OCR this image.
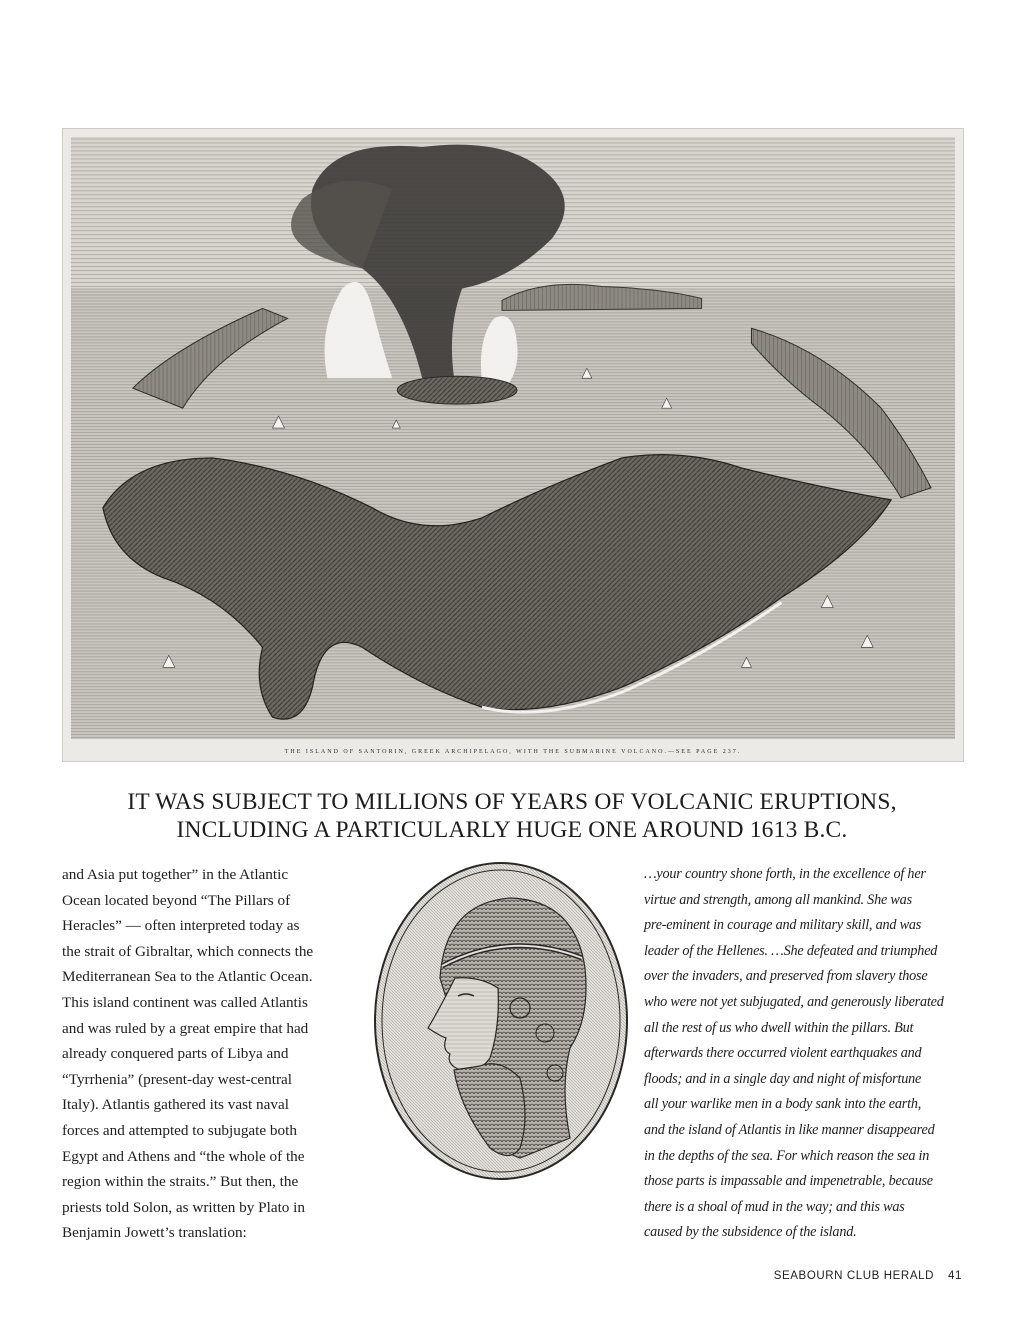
THE ISLAND OF SANTORIN, GREEK ARCHIPELAGO, WITH THE SUBMARINE VOLCANO.—SEE PAGE 237.
IT WAS SUBJECT TO MILLIONS OF YEARS OF VOLCANIC ERUPTIONS,
INCLUDING A PARTICULARLY HUGE ONE AROUND 1613 B.C.
and Asia put together” in the Atlantic
Ocean located beyond “The Pillars of
Heracles” — often interpreted today as
the strait of Gibraltar, which connects the
Mediterranean Sea to the Atlantic Ocean.
This island continent was called Atlantis
and was ruled by a great empire that had
already conquered parts of Libya and
“Tyrrhenia” (present-day west-central
Italy). Atlantis gathered its vast naval
forces and attempted to subjugate both
Egypt and Athens and “the whole of the
region within the straits.” But then, the
priests told Solon, as written by Plato in
Benjamin Jowett’s translation:
…your country shone forth, in the excellence of her
virtue and strength, among all mankind. She was
pre-eminent in courage and military skill, and was
leader of the Hellenes. …She defeated and triumphed
over the invaders, and preserved from slavery those
who were not yet subjugated, and generously liberated
all the rest of us who dwell within the pillars. But
afterwards there occurred violent earthquakes and
floods; and in a single day and night of misfortune
all your warlike men in a body sank into the earth,
and the island of Atlantis in like manner disappeared
in the depths of the sea. For which reason the sea in
those parts is impassable and impenetrable, because
there is a shoal of mud in the way; and this was
caused by the subsidence of the island.
SEABOURN CLUB HERALD 41
